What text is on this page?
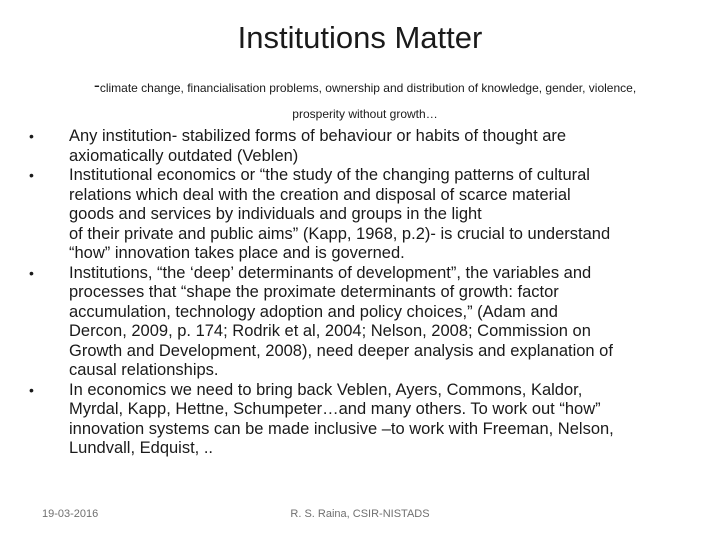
Institutions Matter
-climate change, financialisation problems, ownership and distribution of knowledge, gender, violence,
prosperity without growth…
• Any institution- stabilized forms of behaviour or habits of thought are
axiomatically outdated (Veblen)
• Institutional economics or “the study of the changing patterns of cultural
relations which deal with the creation and disposal of scarce material
goods and services by individuals and groups in the light
of their private and public aims” (Kapp, 1968, p.2)- is crucial to understand
“how” innovation takes place and is governed.
• Institutions, “the ‘deep’ determinants of development”, the variables and
processes that “shape the proximate determinants of growth: factor
accumulation, technology adoption and policy choices,” (Adam and
Dercon, 2009, p. 174; Rodrik et al, 2004; Nelson, 2008; Commission on
Growth and Development, 2008), need deeper analysis and explanation of
causal relationships.
• In economics we need to bring back Veblen, Ayers, Commons, Kaldor,
Myrdal, Kapp, Hettne, Schumpeter…and many others. To work out “how”
innovation systems can be made inclusive –to work with Freeman, Nelson,
Lundvall, Edquist, ..
19-03-2016	R. S. Raina, CSIR-NISTADS
